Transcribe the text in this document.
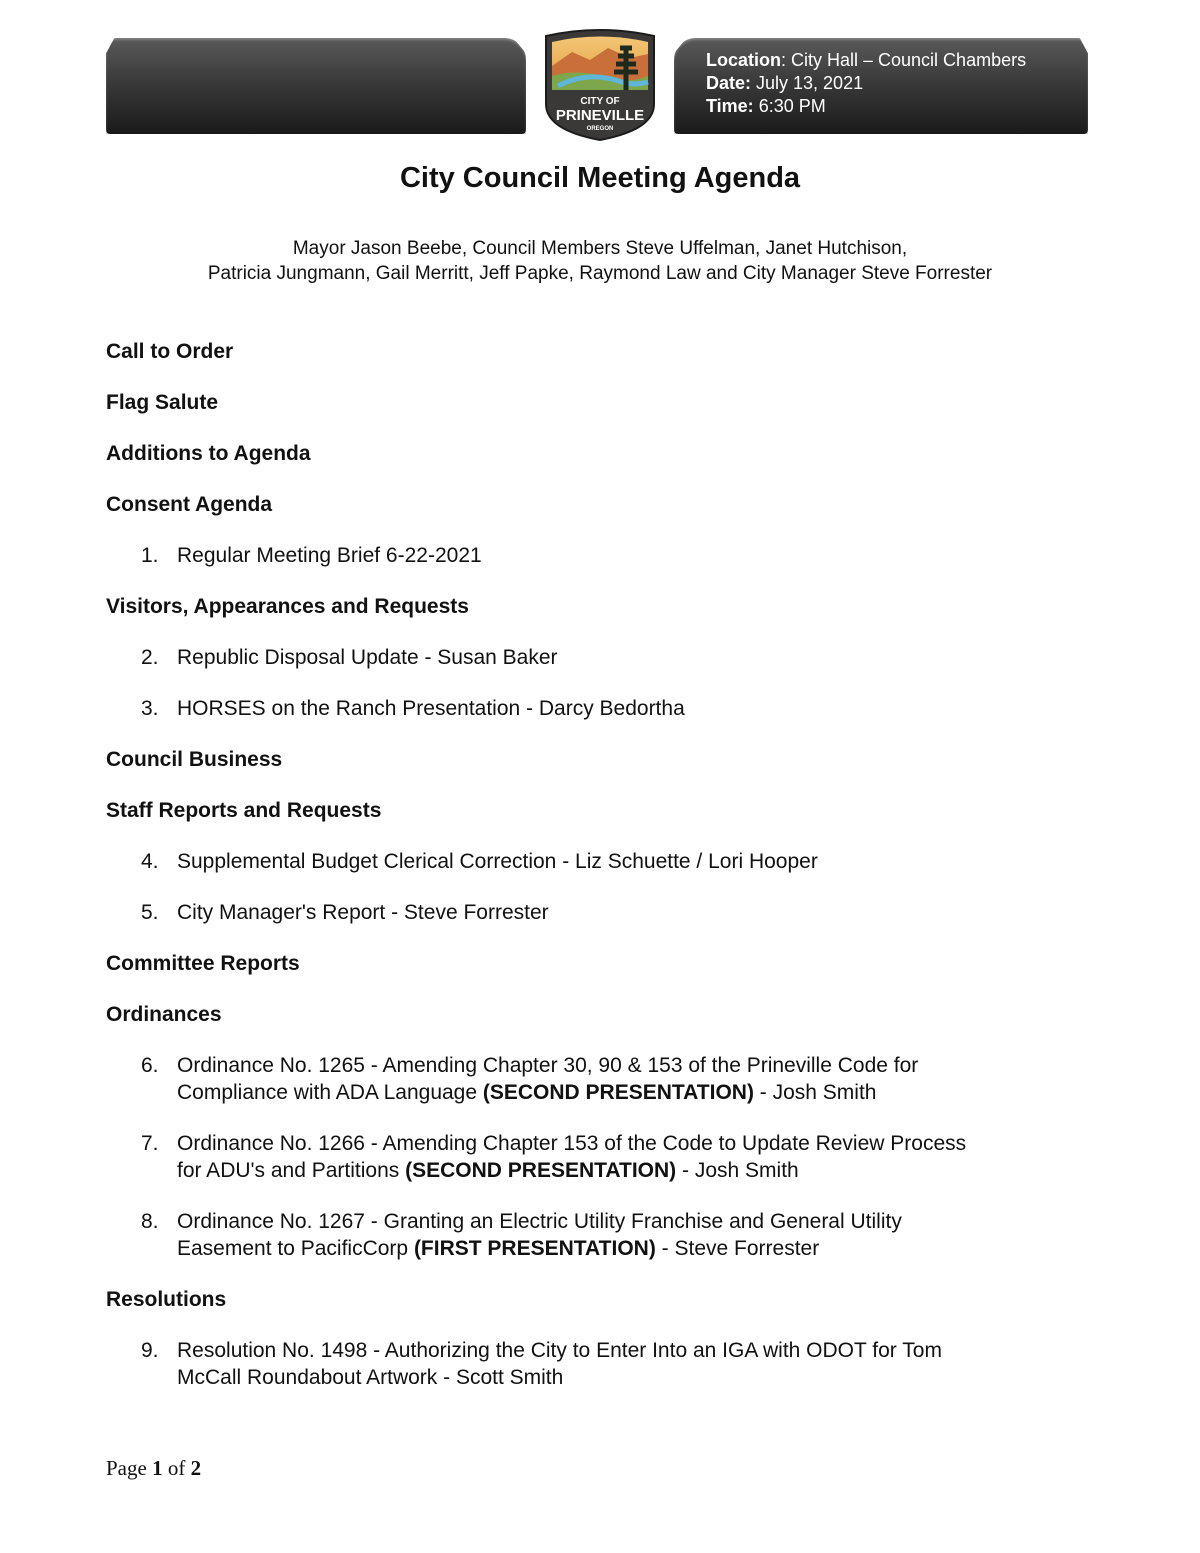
Location: City Hall – Council Chambers
Date: July 13, 2021
Time: 6:30 PM
CITY OF
PRINEVILLE
OREGON
City Council Meeting Agenda
Mayor Jason Beebe, Council Members Steve Uffelman, Janet Hutchison,
Patricia Jungmann, Gail Merritt, Jeff Papke, Raymond Law and City Manager Steve Forrester
Call to Order
Flag Salute
Additions to Agenda
Consent Agenda
1. Regular Meeting Brief 6-22-2021
Visitors, Appearances and Requests
2. Republic Disposal Update - Susan Baker
3. HORSES on the Ranch Presentation - Darcy Bedortha
Council Business
Staff Reports and Requests
4. Supplemental Budget Clerical Correction - Liz Schuette / Lori Hooper
5. City Manager's Report - Steve Forrester
Committee Reports
Ordinances
6. Ordinance No. 1265 - Amending Chapter 30, 90 & 153 of the Prineville Code for
Compliance with ADA Language (SECOND PRESENTATION) - Josh Smith
7. Ordinance No. 1266 - Amending Chapter 153 of the Code to Update Review Process
for ADU's and Partitions (SECOND PRESENTATION) - Josh Smith
8. Ordinance No. 1267 - Granting an Electric Utility Franchise and General Utility
Easement to PacificCorp (FIRST PRESENTATION) - Steve Forrester
Resolutions
9. Resolution No. 1498 - Authorizing the City to Enter Into an IGA with ODOT for Tom
McCall Roundabout Artwork - Scott Smith
Page 1 of 2
